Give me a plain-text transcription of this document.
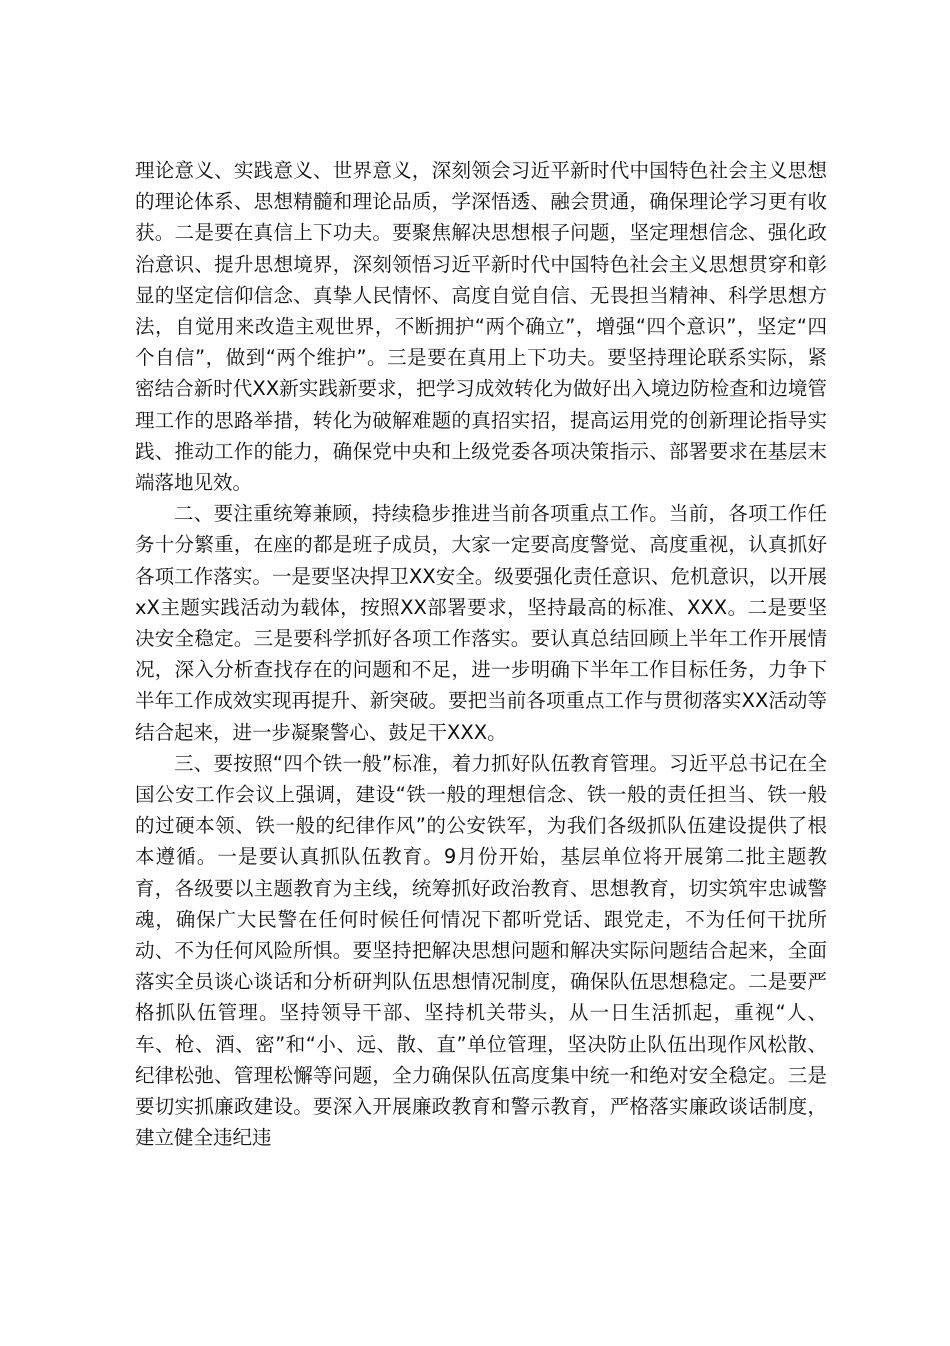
理论意义、实践意义、世界意义，深刻领会习近平新时代中国特色社会主义思想的理论体系、思想精髓和理论品质，学深悟透、融会贯通，确保理论学习更有收获。二是要在真信上下功夫。要聚焦解决思想根子问题，坚定理想信念、强化政治意识、提升思想境界，深刻领悟习近平新时代中国特色社会主义思想贯穿和彰显的坚定信仰信念、真挚人民情怀、高度自觉自信、无畏担当精神、科学思想方法，自觉用来改造主观世界，不断拥护“两个确立”，增强“四个意识”，坚定“四个自信”，做到“两个维护”。三是要在真用上下功夫。要坚持理论联系实际，紧密结合新时代XX新实践新要求，把学习成效转化为做好出入境边防检查和边境管理工作的思路举措，转化为破解难题的真招实招，提高运用党的创新理论指导实践、推动工作的能力，确保党中央和上级党委各项决策指示、部署要求在基层末端落地见效。

二、要注重统筹兼顾，持续稳步推进当前各项重点工作。当前，各项工作任务十分繁重，在座的都是班子成员，大家一定要高度警觉、高度重视，认真抓好各项工作落实。一是要坚决捍卫XX安全。级要强化责任意识、危机意识，以开展xX主题实践活动为载体，按照XX部署要求，坚持最高的标准、XXX。二是要坚决安全稳定。三是要科学抓好各项工作落实。要认真总结回顾上半年工作开展情况，深入分析查找存在的问题和不足，进一步明确下半年工作目标任务，力争下半年工作成效实现再提升、新突破。要把当前各项重点工作与贯彻落实XX活动等结合起来，进一步凝聚警心、鼓足干XXX。

三、要按照“四个铁一般”标准，着力抓好队伍教育管理。习近平总书记在全国公安工作会议上强调，建设“铁一般的理想信念、铁一般的责任担当、铁一般的过硬本领、铁一般的纪律作风”的公安铁军，为我们各级抓队伍建设提供了根本遵循。一是要认真抓队伍教育。9月份开始，基层单位将开展第二批主题教育，各级要以主题教育为主线，统筹抓好政治教育、思想教育，切实筑牢忠诚警魂，确保广大民警在任何时候任何情况下都听党话、跟党走，不为任何干扰所动、不为任何风险所惧。要坚持把解决思想问题和解决实际问题结合起来，全面落实全员谈心谈话和分析研判队伍思想情况制度，确保队伍思想稳定。二是要严格抓队伍管理。坚持领导干部、坚持机关带头，从一日生活抓起，重视“人、车、枪、酒、密”和“小、远、散、直”单位管理，坚决防止队伍出现作风松散、纪律松弛、管理松懈等问题，全力确保队伍高度集中统一和绝对安全稳定。三是要切实抓廉政建设。要深入开展廉政教育和警示教育，严格落实廉政谈话制度，建立健全违纪违
